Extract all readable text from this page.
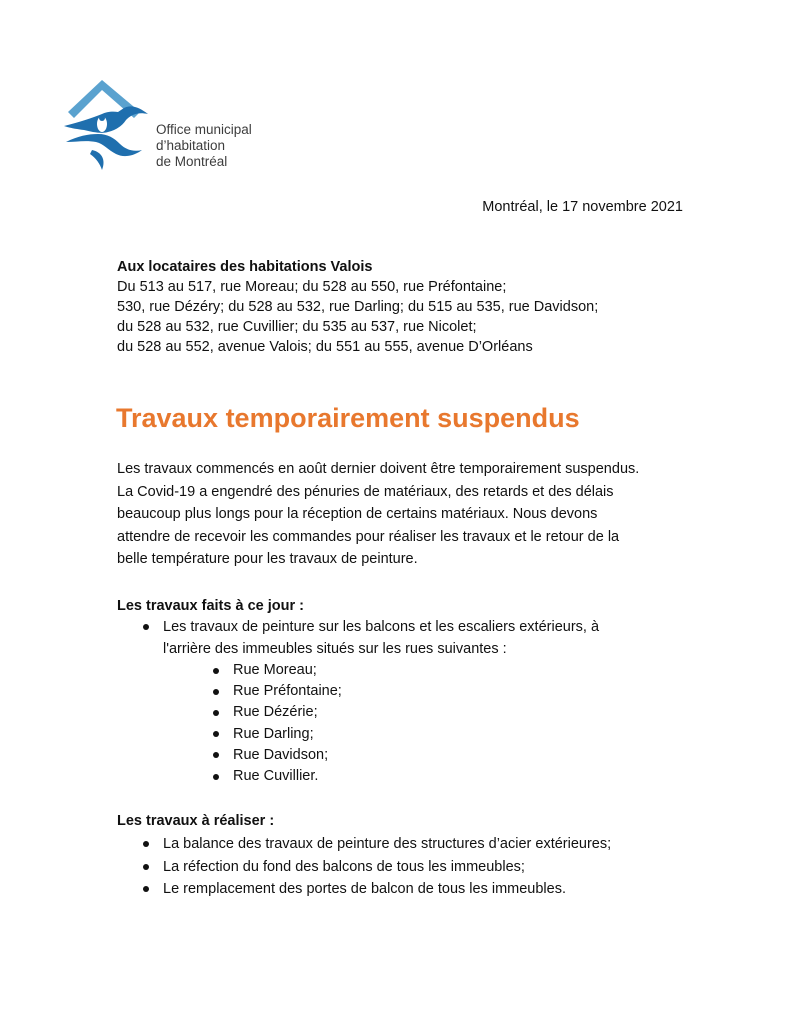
Office municipal
d’habitation
de Montréal
Montréal, le 17 novembre 2021
Aux locataires des habitations Valois
Du 513 au 517, rue Moreau; du 528 au 550, rue Préfontaine;
530, rue Dézéry; du 528 au 532, rue Darling; du 515 au 535, rue Davidson;
du 528 au 532, rue Cuvillier; du 535 au 537, rue Nicolet;
du 528 au 552, avenue Valois; du 551 au 555, avenue D’Orléans
Travaux temporairement suspendus
Les travaux commencés en août dernier doivent être temporairement suspendus.
La Covid-19 a engendré des pénuries de matériaux, des retards et des délais
beaucoup plus longs pour la réception de certains matériaux. Nous devons
attendre de recevoir les commandes pour réaliser les travaux et le retour de la
belle température pour les travaux de peinture.
Les travaux faits à ce jour :
Les travaux de peinture sur les balcons et les escaliers extérieurs, à
l'arrière des immeubles situés sur les rues suivantes :
Rue Moreau;
Rue Préfontaine;
Rue Dézérie;
Rue Darling;
Rue Davidson;
Rue Cuvillier.
Les travaux à réaliser :
La balance des travaux de peinture des structures d’acier extérieures;
La réfection du fond des balcons de tous les immeubles;
Le remplacement des portes de balcon de tous les immeubles.
